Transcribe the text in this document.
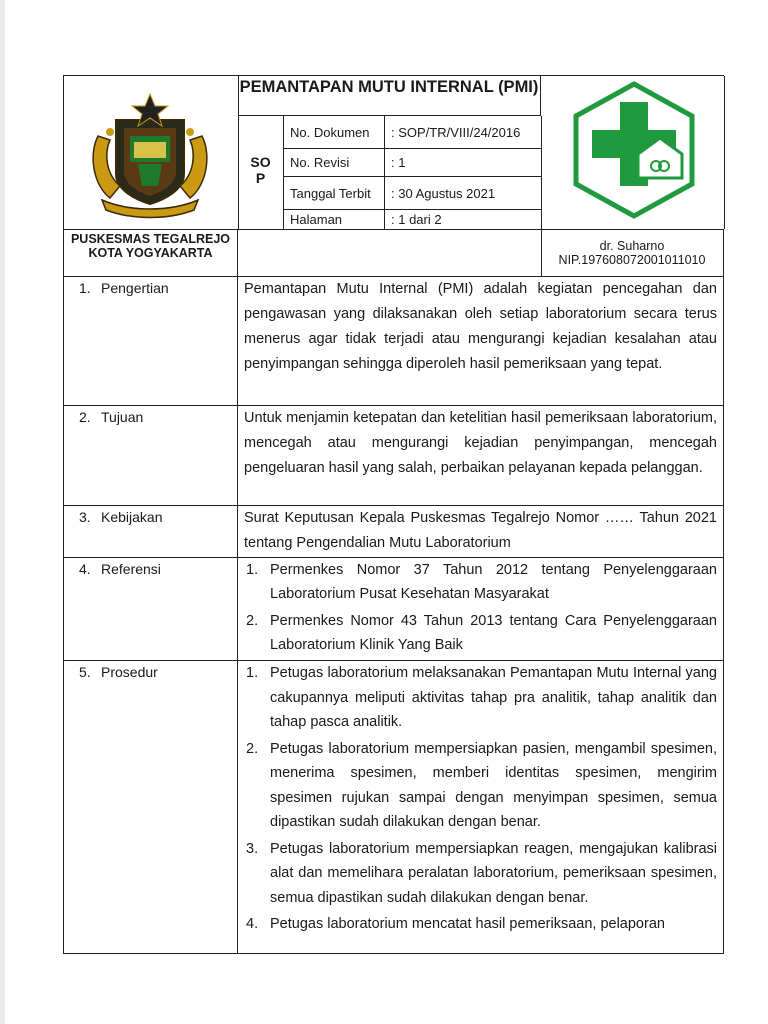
PEMANTAPAN MUTU INTERNAL (PMI)
SO P
No. Dokumen	: SOP/TR/VIII/24/2016
No. Revisi	: 1
Tanggal Terbit	: 30 Agustus 2021
Halaman	: 1 dari 2
PUSKESMAS TEGALREJO KOTA YOGYAKARTA	dr. Suharno
NIP.197608072001011010
1. Pengertian	Pemantapan Mutu Internal (PMI) adalah kegiatan pencegahan dan pengawasan yang dilaksanakan oleh setiap laboratorium secara terus menerus agar tidak terjadi atau mengurangi kejadian kesalahan atau penyimpangan sehingga diperoleh hasil pemeriksaan yang tepat.

2. Tujuan	Untuk menjamin ketepatan dan ketelitian hasil pemeriksaan laboratorium, mencegah atau mengurangi kejadian penyimpangan, mencegah pengeluaran hasil yang salah, perbaikan pelayanan kepada pelanggan.

3. Kebijakan	Surat Keputusan Kepala Puskesmas Tegalrejo Nomor …… Tahun 2021 tentang Pengendalian Mutu Laboratorium

4. Referensi	1. Permenkes Nomor 37 Tahun 2012 tentang Penyelenggaraan Laboratorium Pusat Kesehatan Masyarakat
2. Permenkes Nomor 43 Tahun 2013 tentang Cara Penyelenggaraan Laboratorium Klinik Yang Baik
5. Prosedur	1. Petugas laboratorium melaksanakan Pemantapan Mutu Internal yang cakupannya meliputi aktivitas tahap pra analitik, tahap analitik dan tahap pasca analitik.
2. Petugas laboratorium mempersiapkan pasien, mengambil spesimen, menerima spesimen, memberi identitas spesimen, mengirim spesimen rujukan sampai dengan menyimpan spesimen, semua dipastikan sudah dilakukan dengan benar.
3. Petugas laboratorium mempersiapkan reagen, mengajukan kalibrasi alat dan memelihara peralatan laboratorium, pemeriksaan spesimen, semua dipastikan sudah dilakukan dengan benar.
4. Petugas laboratorium mencatat hasil pemeriksaan, pelaporan
